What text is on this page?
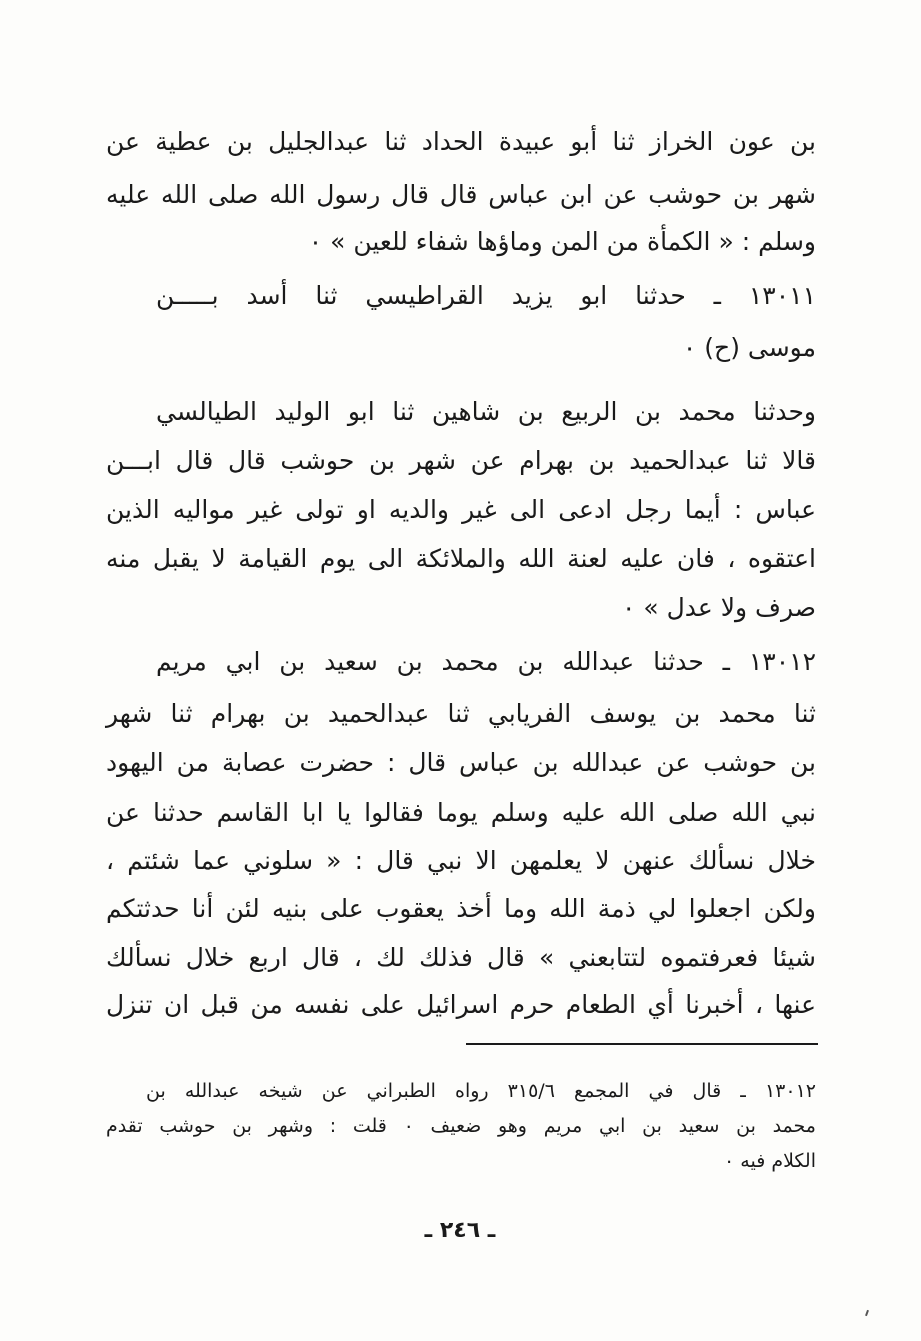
بن عون الخراز ثنا أبو عبيدة الحداد ثنا عبدالجليل بن عطية عن
شهر بن حوشب عن ابن عباس قال قال رسول الله صلى الله عليه
وسلم : « الكمأة من المن وماؤها شفاء للعين » ٠
١٣٠١١ ـ حدثنا ابو يزيد القراطيسي ثنا أسد بـــــن
موسى (ح) ٠
وحدثنا محمد بن الربيع بن شاهين ثنا ابو الوليد الطيالسي
قالا ثنا عبدالحميد بن بهرام عن شهر بن حوشب قال قال ابـــن
عباس : أيما رجل ادعى الى غير والديه او تولى غير مواليه الذين
اعتقوه ، فان عليه لعنة الله والملائكة الى يوم القيامة لا يقبل منه
صرف ولا عدل » ٠
١٣٠١٢ ـ حدثنا عبدالله بن محمد بن سعيد بن ابي مريم
ثنا محمد بن يوسف الفريابي ثنا عبدالحميد بن بهرام ثنا شهر
بن حوشب عن عبدالله بن عباس قال : حضرت عصابة من اليهود
نبي الله صلى الله عليه وسلم يوما فقالوا يا ابا القاسم حدثنا عن
خلال نسألك عنهن لا يعلمهن الا نبي قال : « سلوني عما شئتم ،
ولكن اجعلوا لي ذمة الله وما أخذ يعقوب على بنيه لئن أنا حدثتكم
شيئا فعرفتموه لتتابعني » قال فذلك لك ، قال اربع خلال نسألك
عنها ، أخبرنا أي الطعام حرم اسرائيل على نفسه من قبل ان تنزل
١٣٠١٢ ـ قال في المجمع ٣١٥/٦ رواه الطبراني عن شيخه عبدالله بن
محمد بن سعيد بن ابي مريم وهو ضعيف ٠ قلت : وشهر بن حوشب تقدم
الكلام فيه ٠
ـ ٢٤٦ ـ
